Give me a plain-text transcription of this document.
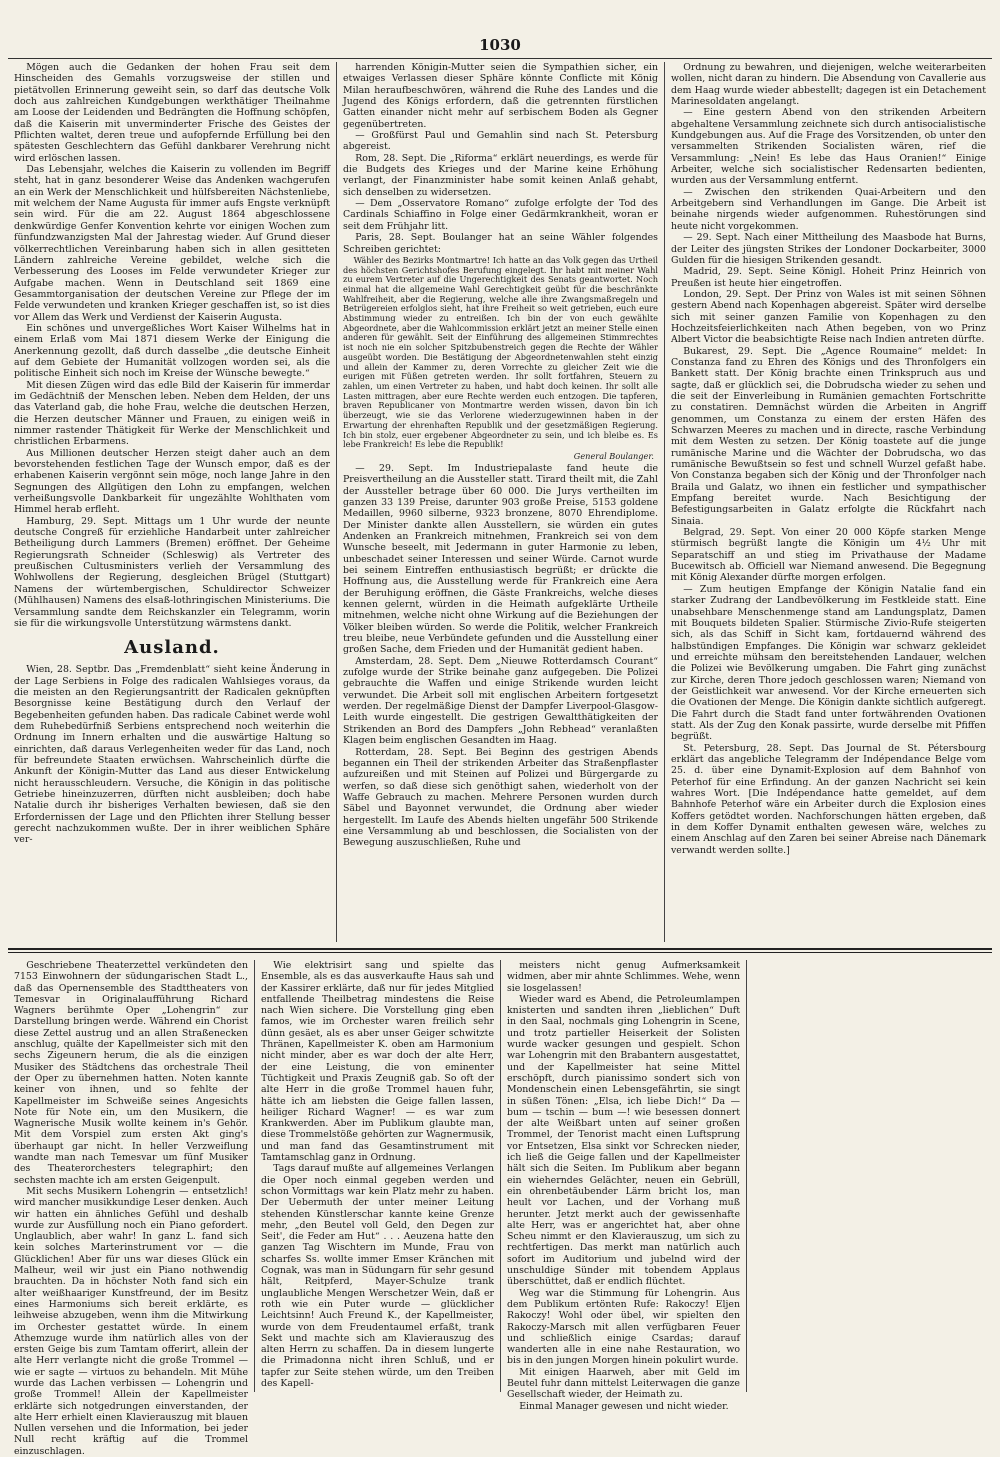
1030

Mögen auch die Gedanken der hohen Frau seit dem Hinscheiden des Gemahls vorzugsweise der stillen und pietätvollen Erinnerung geweiht sein, so darf das deutsche Volk doch aus zahlreichen Kundgebungen werkthätiger Theilnahme am Loose der Leidenden und Bedrängten die Hoffnung schöpfen, daß die Kaiserin mit unverminderter Frische des Geistes der Pflichten waltet, deren treue und aufopfernde Erfüllung bei den spätesten Geschlechtern das Gefühl dankbarer Verehrung nicht wird erlöschen lassen.

Das Lebensjahr, welches die Kaiserin zu vollenden im Begriff steht, hat in ganz besonderer Weise das Andenken wachgerufen an ein Werk der Menschlichkeit und hülfsbereiten Nächstenliebe, mit welchem der Name Augusta für immer aufs Engste verknüpft sein wird. Für die am 22. August 1864 abgeschlossene denkwürdige Genfer Konvention kehrte vor einigen Wochen zum fünfundzwanzigsten Mal der Jahrestag wieder. Auf Grund dieser völkerrechtlichen Vereinbarung haben sich in allen gesitteten Ländern zahlreiche Vereine gebildet, welche sich die Verbesserung des Looses im Felde verwundeter Krieger zur Aufgabe machen. Wenn in Deutschland seit 1869 eine Gesammtorganisation der deutschen Vereine zur Pflege der im Felde verwundeten und kranken Krieger geschaffen ist, so ist dies vor Allem das Werk und Verdienst der Kaiserin Augusta.

Ein schönes und unvergeßliches Wort Kaiser Wilhelms hat in einem Erlaß vom Mai 1871 diesem Werke der Einigung die Anerkennung gezollt, daß durch dasselbe „die deutsche Einheit auf dem Gebiete der Humanität vollzogen worden sei, als die politische Einheit sich noch im Kreise der Wünsche bewegte.“

Mit diesen Zügen wird das edle Bild der Kaiserin für immerdar im Gedächtniß der Menschen leben. Neben dem Helden, der uns das Vaterland gab, die hohe Frau, welche die deutschen Herzen, die Herzen deutscher Männer und Frauen, zu einigen weiß in nimmer rastender Thätigkeit für Werke der Menschlichkeit und christlichen Erbarmens.

Aus Millionen deutscher Herzen steigt daher auch an dem bevorstehenden festlichen Tage der Wunsch empor, daß es der erhabenen Kaiserin vergönnt sein möge, noch lange Jahre in den Segnungen des Allgütigen den Lohn zu empfangen, welchen verheißungsvolle Dankbarkeit für ungezählte Wohlthaten vom Himmel herab erfleht.

Hamburg, 29. Sept. Mittags um 1 Uhr wurde der neunte deutsche Congreß für erziehliche Handarbeit unter zahlreicher Betheiligung durch Lammers (Bremen) eröffnet. Der Geheime Regierungsrath Schneider (Schleswig) als Vertreter des preußischen Cultusministers verlieh der Versammlung des Wohlwollens der Regierung, desgleichen Brügel (Stuttgart) Namens der würtembergischen, Schuldirector Schweizer (Mühlhausen) Namens des elsaß-lothringischen Ministeriums. Die Versammlung sandte dem Reichskanzler ein Telegramm, worin sie für die wirkungsvolle Unterstützung wärmstens dankt.

Ausland.

Wien, 28. Septbr. Das „Fremdenblatt“ sieht keine Änderung in der Lage Serbiens in Folge des radicalen Wahlsieges voraus, da die meisten an den Regierungsantritt der Radicalen geknüpften Besorgnisse keine Bestätigung durch den Verlauf der Begebenheiten gefunden haben. Das radicale Cabinet werde wohl dem Ruhebedürfniß Serbiens entsprechend noch weiterhin die Ordnung im Innern erhalten und die auswärtige Haltung so einrichten, daß daraus Verlegenheiten weder für das Land, noch für befreundete Staaten erwüchsen. Wahrscheinlich dürfte die Ankunft der Königin-Mutter das Land aus dieser Entwickelung nicht herausschleudern. Versuche, die Königin in das politische Getriebe hineinzuzerren, dürften nicht ausbleiben; doch habe Natalie durch ihr bisheriges Verhalten bewiesen, daß sie den Erfordernissen der Lage und den Pflichten ihrer Stellung besser gerecht nachzukommen wußte. Der in ihrer weiblichen Sphäre ver-

harrenden Königin-Mutter seien die Sympathien sicher, ein etwaiges Verlassen dieser Sphäre könnte Conflicte mit König Milan heraufbeschwören, während die Ruhe des Landes und die Jugend des Königs erfordern, daß die getrennten fürstlichen Gatten einander nicht mehr auf serbischem Boden als Gegner gegenübertreten.

— Großfürst Paul und Gemahlin sind nach St. Petersburg abgereist.

Rom, 28. Sept. Die „Riforma“ erklärt neuerdings, es werde für die Budgets des Krieges und der Marine keine Erhöhung verlangt, der Finanzminister habe somit keinen Anlaß gehabt, sich denselben zu widersetzen.

— Dem „Osservatore Romano“ zufolge erfolgte der Tod des Cardinals Schiaffino in Folge einer Gedärmkrankheit, woran er seit dem Frühjahr litt.

Paris, 28. Sept. Boulanger hat an seine Wähler folgendes Schreiben gerichtet:

Wähler des Bezirks Montmartre! Ich hatte an das Volk gegen das Urtheil des höchsten Gerichtshofes Berufung eingelegt. Ihr habt mit meiner Wahl zu eurem Vertreter auf die Ungerechtigkeit des Senats geantwortet. Noch einmal hat die allgemeine Wahl Gerechtigkeit geübt für die beschränkte Wahlfreiheit, aber die Regierung, welche alle ihre Zwangsmaßregeln und Betrügereien erfolglos sieht, hat ihre Freiheit so weit getrieben, euch eure Abstimmung wieder zu entreißen. Ich bin der von euch gewählte Abgeordnete, aber die Wahlcommission erklärt jetzt an meiner Stelle einen anderen für gewählt. Seit der Einführung des allgemeinen Stimmrechtes ist noch nie ein solcher Spitzbubenstreich gegen die Rechte der Wähler ausgeübt worden. Die Bestätigung der Abgeordnetenwahlen steht einzig und allein der Kammer zu, deren Vorrechte zu gleicher Zeit wie die eurigen mit Füßen getreten werden. Ihr sollt fortfahren, Steuern zu zahlen, um einen Vertreter zu haben, und habt doch keinen. Ihr sollt alle Lasten mittragen, aber eure Rechte werden euch entzogen. Die tapferen, braven Republicaner von Montmartre werden wissen, davon bin ich überzeugt, wie sie das Verlorene wiederzugewinnen haben in der Erwartung der ehrenhaften Republik und der gesetzmäßigen Regierung. Ich bin stolz, euer ergebener Abgeordneter zu sein, und ich bleibe es. Es lebe Frankreich! Es lebe die Republik!

General Boulanger.

— 29. Sept. Im Industriepalaste fand heute die Preisvertheilung an die Aussteller statt. Tirard theilt mit, die Zahl der Aussteller betrage über 60 000. Die Jurys vertheilten im ganzen 33 139 Preise, darunter 903 große Preise, 5153 goldene Medaillen, 9960 silberne, 9323 bronzene, 8070 Ehrendiplome. Der Minister dankte allen Ausstellern, sie würden ein gutes Andenken an Frankreich mitnehmen, Frankreich sei von dem Wunsche beseelt, mit Jedermann in guter Harmonie zu leben, unbeschadet seiner Interessen und seiner Würde. Carnot wurde bei seinem Eintreffen enthusiastisch begrüßt; er drückte die Hoffnung aus, die Ausstellung werde für Frankreich eine Aera der Beruhigung eröffnen, die Gäste Frankreichs, welche dieses kennen gelernt, würden in die Heimath aufgeklärte Urtheile mitnehmen, welche nicht ohne Wirkung auf die Beziehungen der Völker bleiben würden. So werde die Politik, welcher Frankreich treu bleibe, neue Verbündete gefunden und die Ausstellung einer großen Sache, dem Frieden und der Humanität gedient haben.

Amsterdam, 28. Sept. Dem „Nieuwe Rotterdamsch Courant“ zufolge wurde der Strike beinahe ganz aufgegeben. Die Polizei gebrauchte die Waffen und einige Strikende wurden leicht verwundet. Die Arbeit soll mit englischen Arbeitern fortgesetzt werden. Der regelmäßige Dienst der Dampfer Liverpool-Glasgow-Leith wurde eingestellt. Die gestrigen Gewaltthätigkeiten der Strikenden an Bord des Dampfers „John Rebhead“ veranlaßten Klagen beim englischen Gesandten im Haag.

Rotterdam, 28. Sept. Bei Beginn des gestrigen Abends begannen ein Theil der strikenden Arbeiter das Straßenpflaster aufzureißen und mit Steinen auf Polizei und Bürgergarde zu werfen, so daß diese sich genöthigt sahen, wiederholt von der Waffe Gebrauch zu machen. Mehrere Personen wurden durch Säbel und Bayonnet verwundet, die Ordnung aber wieder hergestellt. Im Laufe des Abends hielten ungefähr 500 Strikende eine Versammlung ab und beschlossen, die Socialisten von der Bewegung auszuschließen, Ruhe und

Ordnung zu bewahren, und diejenigen, welche weiterarbeiten wollen, nicht daran zu hindern. Die Absendung von Cavallerie aus dem Haag wurde wieder abbestellt; dagegen ist ein Detachement Marinesoldaten angelangt.

— Eine gestern Abend von den strikenden Arbeitern abgehaltene Versammlung zeichnete sich durch antisocialistische Kundgebungen aus. Auf die Frage des Vorsitzenden, ob unter den versammelten Strikenden Socialisten wären, rief die Versammlung: „Nein! Es lebe das Haus Oranien!“ Einige Arbeiter, welche sich socialistischer Redensarten bedienten, wurden aus der Versammlung entfernt.

— Zwischen den strikenden Quai-Arbeitern und den Arbeitgebern sind Verhandlungen im Gange. Die Arbeit ist beinahe nirgends wieder aufgenommen. Ruhestörungen sind heute nicht vorgekommen.

— 29. Sept. Nach einer Mittheilung des Maasbode hat Burns, der Leiter des jüngsten Strikes der Londoner Dockarbeiter, 3000 Gulden für die hiesigen Strikenden gesandt.

Madrid, 29. Sept. Seine Königl. Hoheit Prinz Heinrich von Preußen ist heute hier eingetroffen.

London, 29. Sept. Der Prinz von Wales ist mit seinen Söhnen gestern Abend nach Kopenhagen abgereist. Später wird derselbe sich mit seiner ganzen Familie von Kopenhagen zu den Hochzeitsfeierlichkeiten nach Athen begeben, von wo Prinz Albert Victor die beabsichtigte Reise nach Indien antreten dürfte.

Bukarest, 29. Sept. Die „Agence Roumaine“ meldet: In Constanza fand zu Ehren des Königs und des Thronfolgers ein Bankett statt. Der König brachte einen Trinkspruch aus und sagte, daß er glücklich sei, die Dobrudscha wieder zu sehen und die seit der Einverleibung in Rumänien gemachten Fortschritte zu constatiren. Demnächst würden die Arbeiten in Angriff genommen, um Constanza zu einem der ersten Häfen des Schwarzen Meeres zu machen und in directe, rasche Verbindung mit dem Westen zu setzen. Der König toastete auf die junge rumänische Marine und die Wächter der Dobrudscha, wo das rumänische Bewußtsein so fest und schnell Wurzel gefaßt habe. Von Constanza begaben sich der König und der Thronfolger nach Braila und Galatz, wo ihnen ein festlicher und sympathischer Empfang bereitet wurde. Nach Besichtigung der Befestigungsarbeiten in Galatz erfolgte die Rückfahrt nach Sinaia.

Belgrad, 29. Sept. Von einer 20 000 Köpfe starken Menge stürmisch begrüßt langte die Königin um 4½ Uhr mit Separatschiff an und stieg im Privathause der Madame Bucewitsch ab. Officiell war Niemand anwesend. Die Begegnung mit König Alexander dürfte morgen erfolgen.

— Zum heutigen Empfange der Königin Natalie fand ein starker Zudrang der Landbevölkerung im Festkleide statt. Eine unabsehbare Menschenmenge stand am Landungsplatz, Damen mit Bouquets bildeten Spalier. Stürmische Zivio-Rufe steigerten sich, als das Schiff in Sicht kam, fortdauernd während des halbstündigen Empfanges. Die Königin war schwarz gekleidet und erreichte mühsam den bereitstehenden Landauer, welchen die Polizei wie Bevölkerung umgaben. Die Fahrt ging zunächst zur Kirche, deren Thore jedoch geschlossen waren; Niemand von der Geistlichkeit war anwesend. Vor der Kirche erneuerten sich die Ovationen der Menge. Die Königin dankte sichtlich aufgeregt. Die Fahrt durch die Stadt fand unter fortwährenden Ovationen statt. Als der Zug den Konak passirte, wurde derselbe mit Pfiffen begrüßt.

St. Petersburg, 28. Sept. Das Journal de St. Pétersbourg erklärt das angebliche Telegramm der Indépendance Belge vom 25. d. über eine Dynamit-Explosion auf dem Bahnhof von Peterhof für eine Erfindung. An der ganzen Nachricht sei kein wahres Wort. [Die Indépendance hatte gemeldet, auf dem Bahnhofe Peterhof wäre ein Arbeiter durch die Explosion eines Koffers getödtet worden. Nachforschungen hätten ergeben, daß in dem Koffer Dynamit enthalten gewesen wäre, welches zu einem Anschlag auf den Zaren bei seiner Abreise nach Dänemark verwandt werden sollte.]

Geschriebene Theaterzettel verkündeten den 7153 Einwohnern der südungarischen Stadt L., daß das Opernensemble des Stadttheaters von Temesvar in Originalaufführung Richard Wagners berühmte Oper „Lohengrin“ zur Darstellung bringen werde. Während ein Chorist diese Zettel austrug und an allen Straßenecken anschlug, quälte der Kapellmeister sich mit den sechs Zigeunern herum, die als die einzigen Musiker des Städtchens das orchestrale Theil der Oper zu übernehmen hatten. Noten kannte keiner von ihnen, und so fehlte der Kapellmeister im Schweiße seines Angesichts Note für Note ein, um den Musikern, die Wagnerische Musik wollte keinem in's Gehör. Mit dem Vorspiel zum ersten Akt ging's überhaupt gar nicht. In heller Verzweiflung wandte man nach Temesvar um fünf Musiker des Theaterorchesters telegraphirt; den sechsten machte ich am ersten Geigenpult.

Mit sechs Musikern Lohengrin — entsetzlich! wird mancher musikkundige Leser denken. Auch wir hatten ein ähnliches Gefühl und deshalb wurde zur Ausfüllung noch ein Piano gefordert. Unglaublich, aber wahr! In ganz L. fand sich kein solches Marterinstrument vor — die Glücklichen! Aber für uns war dieses Glück ein Malheur, weil wir just ein Piano nothwendig brauchten. Da in höchster Noth fand sich ein alter weißhaariger Kunstfreund, der im Besitz eines Harmoniums sich bereit erklärte, es leihweise abzugeben, wenn ihm die Mitwirkung im Orchester gestattet würde. In einem Athemzuge wurde ihm natürlich alles von der ersten Geige bis zum Tamtam offerirt, allein der alte Herr verlangte nicht die große Trommel — wie er sagte — virtuos zu behandeln. Mit Mühe wurde das Lachen verbissen — Lohengrin und große Trommel! Allein der Kapellmeister erklärte sich notgedrungen einverstanden, der alte Herr erhielt einen Klavierauszug mit blauen Nullen versehen und die Information, bei jeder Null recht kräftig auf die Trommel einzuschlagen.

Wie elektrisirt sang und spielte das Ensemble, als es das ausverkaufte Haus sah und der Kassirer erklärte, daß nur für jedes Mitglied entfallende Theilbetrag mindestens die Reise nach Wien sichere. Die Vorstellung ging eben famos, wie im Orchester waren freilich sehr dünn gesäet, als es aber unser Geiger schwitzte Thränen, Kapellmeister K. oben am Harmonium nicht minder, aber es war doch der alte Herr, der eine Leistung, die von eminenter Tüchtigkeit und Praxis Zeugniß gab. So oft der alte Herr in die große Trommel hauen fuhr, hätte ich am liebsten die Geige fallen lassen, heiliger Richard Wagner! — es war zum Krankwerden. Aber im Publikum glaubte man, diese Trommelstöße gehörten zur Wagnermusik, und man fand das Gesamtinstrument mit Tamtamschlag ganz in Ordnung.

Tags darauf mußte auf allgemeines Verlangen die Oper noch einmal gegeben werden und schon Vormittags war kein Platz mehr zu haben. Der Uebermuth der unter meiner Leitung stehenden Künstlerschar kannte keine Grenze mehr, „den Beutel voll Geld, den Degen zur Seit', die Feder am Hut“ . . . Aeuzena hatte den ganzen Tag Wischtern im Munde, Frau von scharfes Ss. wollte immer Emser Kränchen mit Cognak, was man in Südungarn für sehr gesund hält, Reitpferd, Mayer-Schulze trank unglaubliche Mengen Werschetzer Wein, daß er roth wie ein Puter wurde — glücklicher Leichtsinn! Auch Freund K., der Kapellmeister, wurde von dem Freudentaumel erfaßt, trank Sekt und machte sich am Klavierauszug des alten Herrn zu schaffen. Da in diesem lungerte die Primadonna nicht ihren Schluß, und er tapfer zur Seite stehen würde, um den Treiben des Kapell-

meisters nicht genug Aufmerksamkeit widmen, aber mir ahnte Schlimmes. Wehe, wenn sie losgelassen!

Wieder ward es Abend, die Petroleumlampen knisterten und sandten ihren „lieblichen“ Duft in den Saal, nochmals ging Lohengrin in Scene, und trotz partieller Heiserkeit der Solisten wurde wacker gesungen und gespielt. Schon war Lohengrin mit den Brabantern ausgestattet, und der Kapellmeister hat seine Mittel erschöpft, durch pianissimo sondert sich von Mondenschein einen Lebensgefährtin, sie singt in süßen Tönen: „Elsa, ich liebe Dich!“ Da — bum — tschin — bum —! wie besessen donnert der alte Weißbart unten auf seiner großen Trommel, der Tenorist macht einen Luftsprung vor Entsetzen, Elsa sinkt vor Schrecken nieder, ich ließ die Geige fallen und der Kapellmeister hält sich die Seiten. Im Publikum aber begann ein wieherndes Gelächter, neuen ein Gebrüll, ein ohrenbetäubender Lärm bricht los, man heult vor Lachen, und der Vorhang muß herunter. Jetzt merkt auch der gewissenhafte alte Herr, was er angerichtet hat, aber ohne Scheu nimmt er den Klavierauszug, um sich zu rechtfertigen. Das merkt man natürlich auch sofort im Auditorium und jubelnd wird der unschuldige Sünder mit tobendem Applaus überschüttet, daß er endlich flüchtet.

Weg war die Stimmung für Lohengrin. Aus dem Publikum ertönten Rufe: Rakoczy! Eljen Rakoczy! Wohl oder übel, wir spielten den Rakoczy-Marsch mit allen verfügbaren Feuer und schließlich einige Csardas; darauf wanderten alle in eine nahe Restauration, wo bis in den jungen Morgen hinein pokulirt wurde.

Mit einigen Haarweh, aber mit Geld im Beutel fuhr dann mittelst Leiterwagen die ganze Gesellschaft wieder, der Heimath zu.

Einmal Manager gewesen und nicht wieder.
